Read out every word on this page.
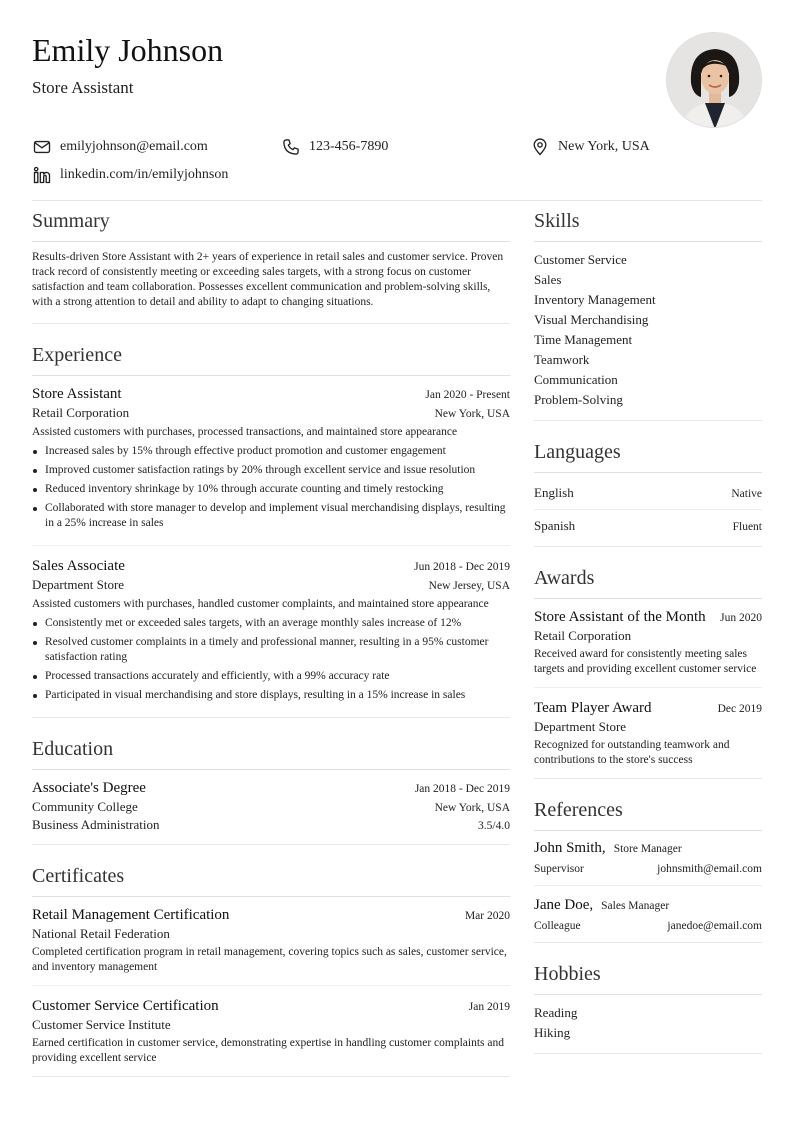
Emily Johnson
Store Assistant
emilyjohnson@email.com	123-456-7890	New York, USA
linkedin.com/in/emilyjohnson
Summary

Results-driven Store Assistant with 2+ years of experience in retail sales and customer service. Proven track record of consistently meeting or exceeding sales targets, with a strong focus on customer satisfaction and team collaboration. Possesses excellent communication and problem-solving skills, with a strong attention to detail and ability to adapt to changing situations.

Experience
Store Assistant	Jan 2020 - Present
Retail Corporation	New York, USA
Assisted customers with purchases, processed transactions, and maintained store appearance
Increased sales by 15% through effective product promotion and customer engagement
Improved customer satisfaction ratings by 20% through excellent service and issue resolution
Reduced inventory shrinkage by 10% through accurate counting and timely restocking
Collaborated with store manager to develop and implement visual merchandising displays, resulting in a 25% increase in sales
Sales Associate	Jun 2018 - Dec 2019
Department Store	New Jersey, USA
Assisted customers with purchases, handled customer complaints, and maintained store appearance
Consistently met or exceeded sales targets, with an average monthly sales increase of 12%
Resolved customer complaints in a timely and professional manner, resulting in a 95% customer satisfaction rating
Processed transactions accurately and efficiently, with a 99% accuracy rate
Participated in visual merchandising and store displays, resulting in a 15% increase in sales
Education
Associate's Degree	Jan 2018 - Dec 2019
Community College	New York, USA
Business Administration	3.5/4.0
Certificates
Retail Management Certification	Mar 2020
National Retail Federation
Completed certification program in retail management, covering topics such as sales, customer service, and inventory management
Customer Service Certification	Jan 2019
Customer Service Institute
Earned certification in customer service, demonstrating expertise in handling customer complaints and providing excellent service
Skills
Customer Service
Sales
Inventory Management
Visual Merchandising
Time Management
Teamwork
Communication
Problem-Solving
Languages
English	Native
Spanish	Fluent
Awards
Store Assistant of the Month Jun 2020
Retail Corporation
Received award for consistently meeting sales targets and providing excellent customer service
Team Player Award	Dec 2019
Department Store
Recognized for outstanding teamwork and contributions to the store's success
References
John Smith, Store Manager
Supervisor	johnsmith@email.com
Jane Doe, Sales Manager
Colleague	janedoe@email.com
Hobbies
Reading
Hiking
